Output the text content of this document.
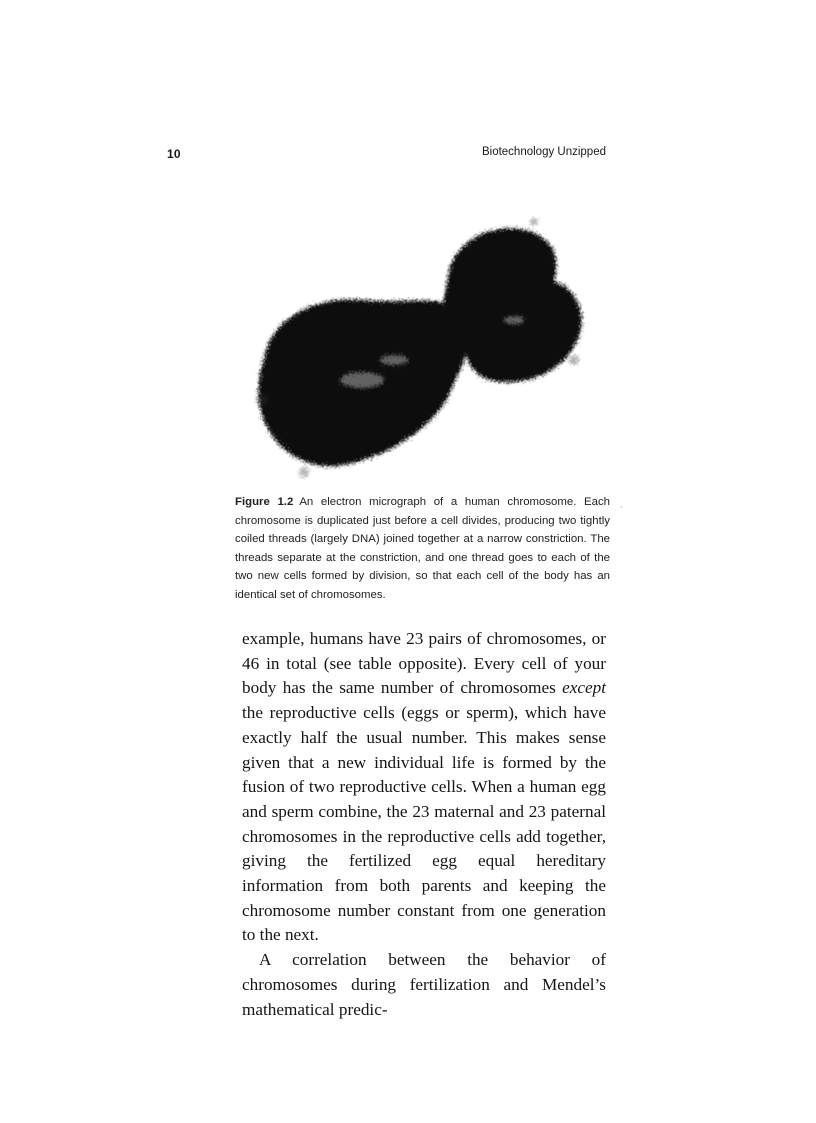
10	Biotechnology Unzipped
Figure 1.2 An electron micrograph of a human chromosome. Each chromosome is duplicated just before a cell divides, producing two tightly coiled threads (largely DNA) joined together at a narrow constriction. The threads separate at the constriction, and one thread goes to each of the two new cells formed by division, so that each cell of the body has an identical set of chromosomes.
·

example, humans have 23 pairs of chromosomes, or 46 in total (see table opposite). Every cell of your body has the same number of chromosomes except the reproductive cells (eggs or sperm), which have exactly half the usual number. This makes sense given that a new individual life is formed by the fusion of two reproductive cells. When a human egg and sperm combine, the 23 maternal and 23 paternal chromosomes in the reproductive cells add together, giving the fertilized egg equal hereditary information from both parents and keeping the chromosome number constant from one generation to the next.

A correlation between the behavior of chromosomes during fertilization and Mendel’s mathematical predic-
